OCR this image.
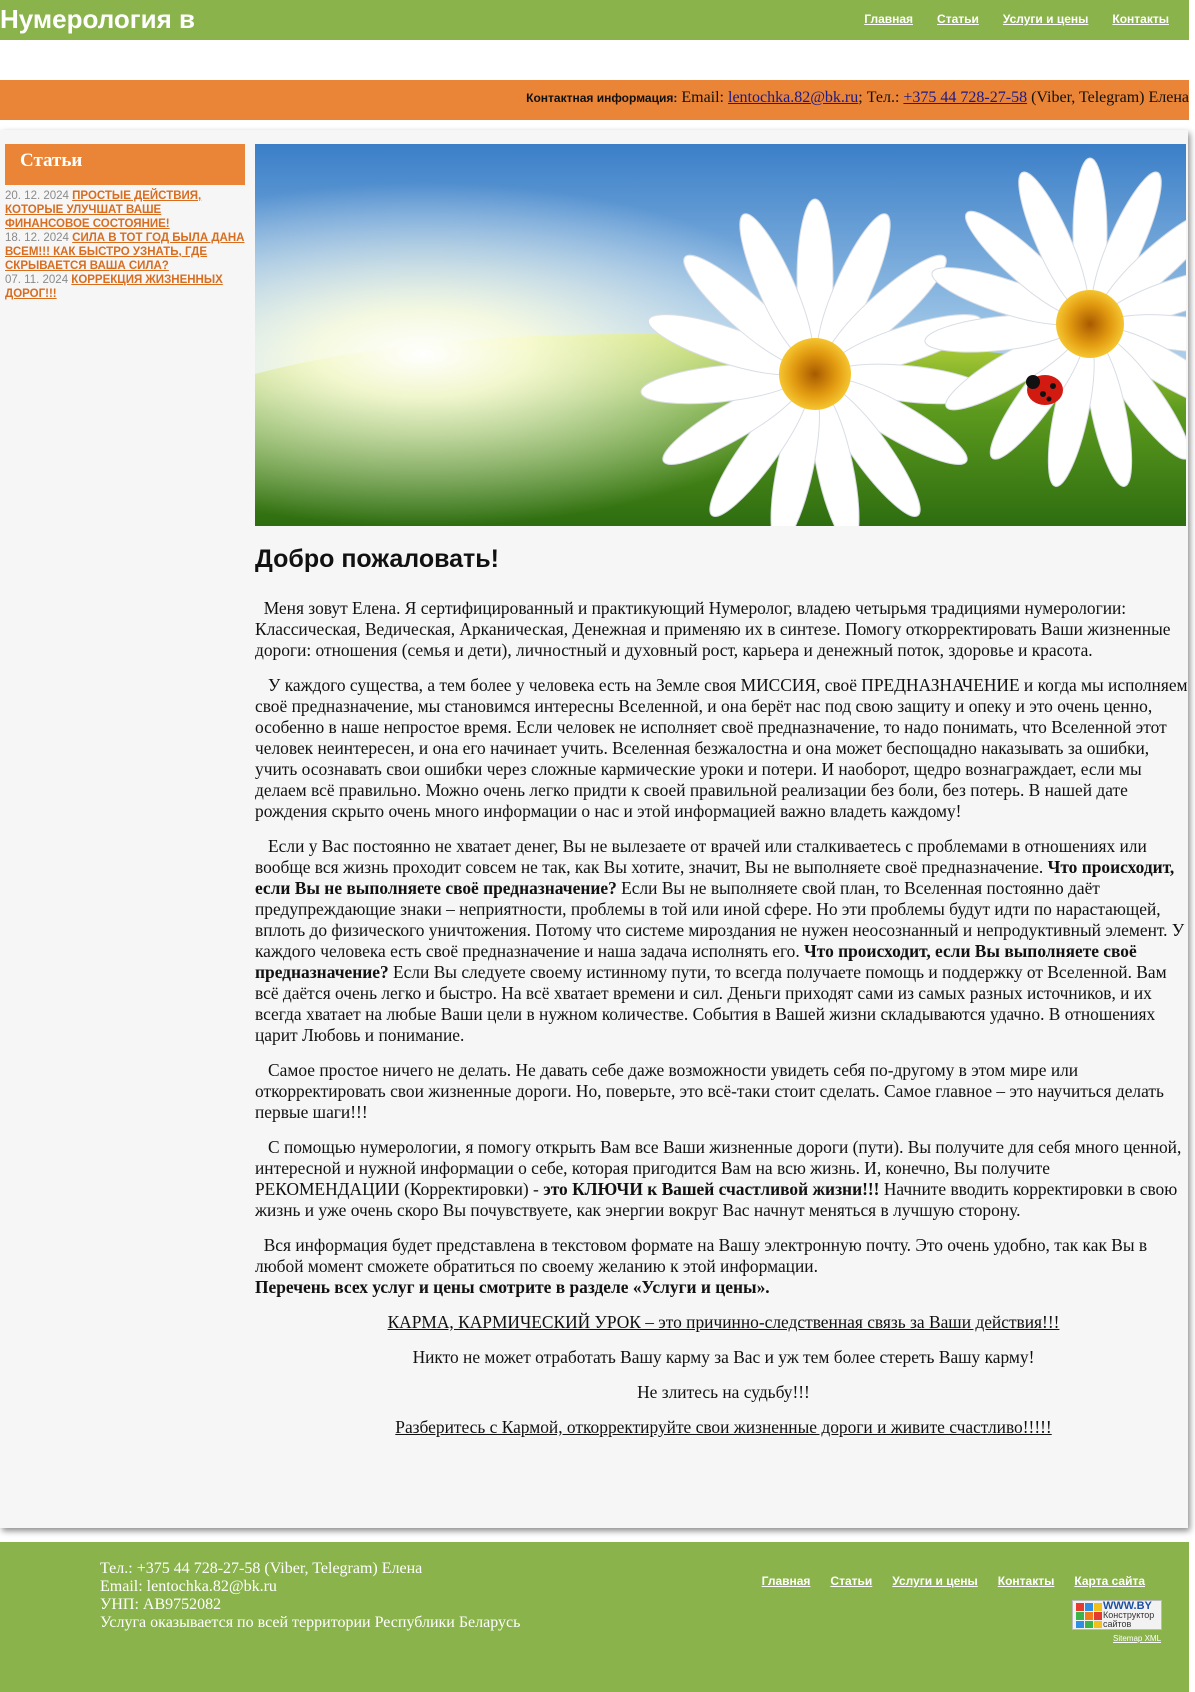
Нумерология в	Главная Статьи Услуги и цены Контакты
Контактная информация: Email: lentochka.82@bk.ru; Тел.: +375 44 728-27-58 (Viber, Telegram) Елена
Статьи
20. 12. 2024 ПРОСТЫЕ ДЕЙСТВИЯ, КОТОРЫЕ УЛУЧШАТ ВАШЕ ФИНАНСОВОЕ СОСТОЯНИЕ!
18. 12. 2024 СИЛА В ТОТ ГОД БЫЛА ДАНА ВСЕМ!!! КАК БЫСТРО УЗНАТЬ, ГДЕ СКРЫВАЕТСЯ ВАША СИЛА?
07. 11. 2024 КОРРЕКЦИЯ ЖИЗНЕННЫХ ДОРОГ!!!
Добро пожаловать!

Меня зовут Елена. Я сертифицированный и практикующий Нумеролог, владею четырьмя традициями нумерологии: Классическая, Ведическая, Арканическая, Денежная и применяю их в синтезе. Помогу откорректировать Ваши жизненные дороги: отношения (семья и дети), личностный и духовный рост, карьера и денежный поток, здоровье и красота.

У каждого существа, а тем более у человека есть на Земле своя МИССИЯ, своё ПРЕДНАЗНАЧЕНИЕ и когда мы исполняем своё предназначение, мы становимся интересны Вселенной, и она берёт нас под свою защиту и опеку и это очень ценно, особенно в наше непростое время. Если человек не исполняет своё предназначение, то надо понимать, что Вселенной этот человек неинтересен, и она его начинает учить. Вселенная безжалостна и она может беспощадно наказывать за ошибки, учить осознавать свои ошибки через сложные кармические уроки и потери. И наоборот, щедро вознаграждает, если мы делаем всё правильно. Можно очень легко придти к своей правильной реализации без боли, без потерь. В нашей дате рождения скрыто очень много информации о нас и этой информацией важно владеть каждому!

Если у Вас постоянно не хватает денег, Вы не вылезаете от врачей или сталкиваетесь с проблемами в отношениях или вообще вся жизнь проходит совсем не так, как Вы хотите, значит, Вы не выполняете своё предназначение. Что происходит, если Вы не выполняете своё предназначение? Если Вы не выполняете свой план, то Вселенная постоянно даёт предупреждающие знаки – неприятности, проблемы в той или иной сфере. Но эти проблемы будут идти по нарастающей, вплоть до физического уничтожения. Потому что системе мироздания не нужен неосознанный и непродуктивный элемент. У каждого человека есть своё предназначение и наша задача исполнять его. Что происходит, если Вы выполняете своё предназначение? Если Вы следуете своему истинному пути, то всегда получаете помощь и поддержку от Вселенной. Вам всё даётся очень легко и быстро. На всё хватает времени и сил. Деньги приходят сами из самых разных источников, и их всегда хватает на любые Ваши цели в нужном количестве. События в Вашей жизни складываются удачно. В отношениях царит Любовь и понимание.

Самое простое ничего не делать. Не давать себе даже возможности увидеть себя по-другому в этом мире или откорректировать свои жизненные дороги. Но, поверьте, это всё-таки стоит сделать. Самое главное – это научиться делать первые шаги!!!

С помощью нумерологии, я помогу открыть Вам все Ваши жизненные дороги (пути). Вы получите для себя много ценной, интересной и нужной информации о себе, которая пригодится Вам на всю жизнь. И, конечно, Вы получите РЕКОМЕНДАЦИИ (Корректировки) - это КЛЮЧИ к Вашей счастливой жизни!!! Начните вводить корректировки в свою жизнь и уже очень скоро Вы почувствуете, как энергии вокруг Вас начнут меняться в лучшую сторону.

Вся информация будет представлена в текстовом формате на Вашу электронную почту. Это очень удобно, так как Вы в любой момент сможете обратиться по своему желанию к этой информации.
Перечень всех услуг и цены смотрите в разделе «Услуги и цены».

КАРМА, КАРМИЧЕСКИЙ УРОК – это причинно-следственная связь за Ваши действия!!!

Никто не может отработать Вашу карму за Вас и уж тем более стереть Вашу карму!

Не злитесь на судьбу!!!

Разберитесь с Кармой, откорректируйте свои жизненные дороги и живите счастливо!!!!!

Тел.: +375 44 728-27-58 (Viber, Telegram) Елена
Email: lentochka.82@bk.ru
УНП: AB9752082
Услуга оказывается по всей территории Республики Беларусь
Главная Статьи Услуги и цены Контакты Карта сайта
WWW.BY
Конструктор
сайтов
Sitemap XML
